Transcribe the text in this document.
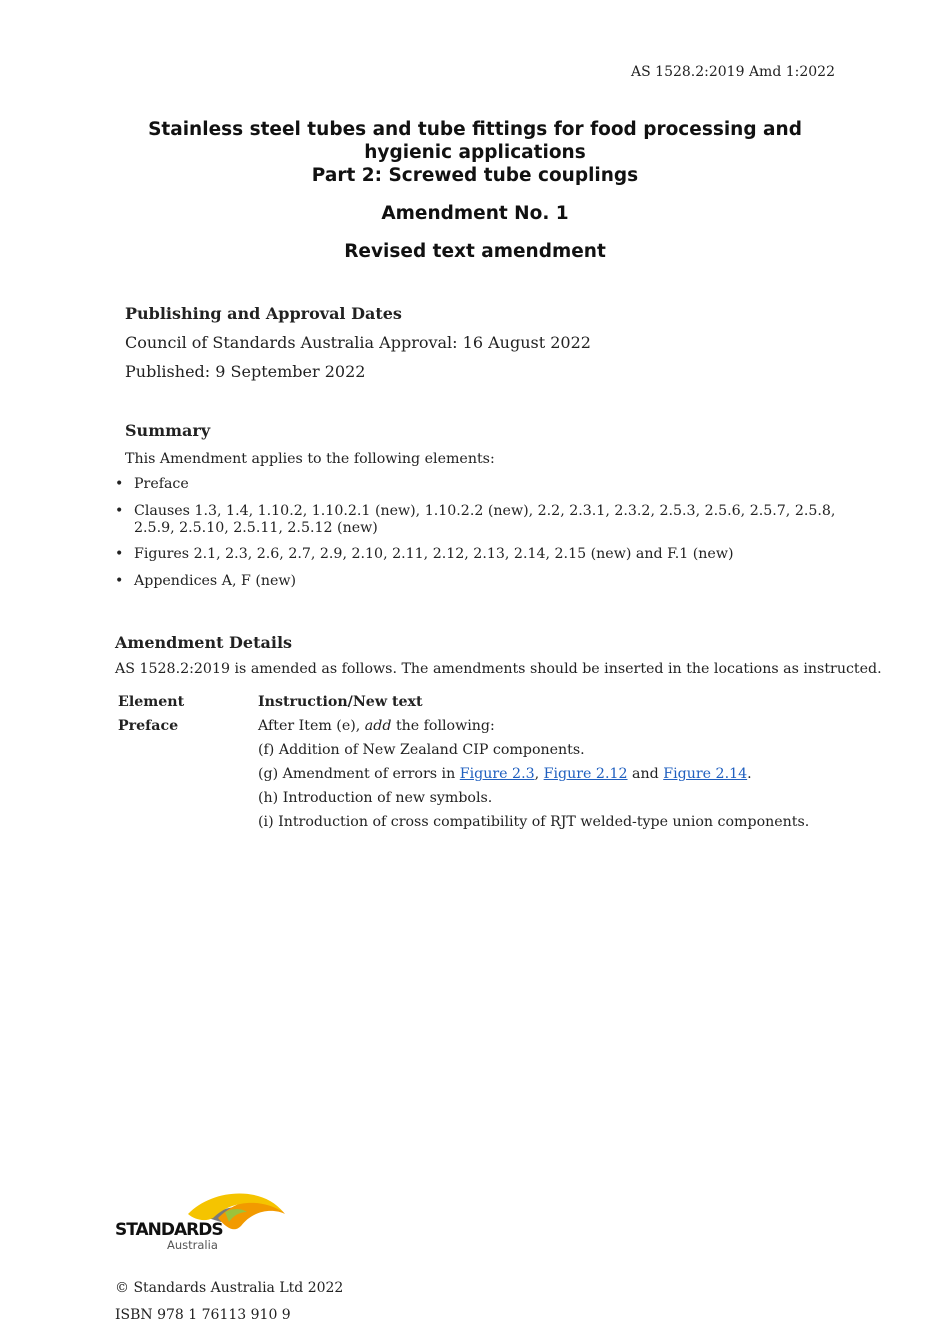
AS 1528.2:2019 Amd 1:2022
Stainless steel tubes and tube fittings for food processing and hygienic applications
Part 2: Screwed tube couplings
Amendment No. 1
Revised text amendment
Publishing and Approval Dates
Council of Standards Australia Approval: 16 August 2022
Published: 9 September 2022
Summary
This Amendment applies to the following elements:
• Preface
• Clauses 1.3, 1.4, 1.10.2, 1.10.2.1 (new), 1.10.2.2 (new), 2.2, 2.3.1, 2.3.2, 2.5.3, 2.5.6, 2.5.7, 2.5.8, 2.5.9, 2.5.10, 2.5.11, 2.5.12 (new)
• Figures 2.1, 2.3, 2.6, 2.7, 2.9, 2.10, 2.11, 2.12, 2.13, 2.14, 2.15 (new) and F.1 (new)
• Appendices A, F (new)
Amendment Details
AS 1528.2:2019 is amended as follows. The amendments should be inserted in the locations as instructed.
Element	Instruction/New text
Preface	After Item (e), add the following:
(f) Addition of New Zealand CIP components.
(g) Amendment of errors in Figure 2.3, Figure 2.12 and Figure 2.14.
(h) Introduction of new symbols.
(i) Introduction of cross compatibility of RJT welded-type union components.
STANDARDS
Australia
© Standards Australia Ltd 2022
ISBN 978 1 76113 910 9
